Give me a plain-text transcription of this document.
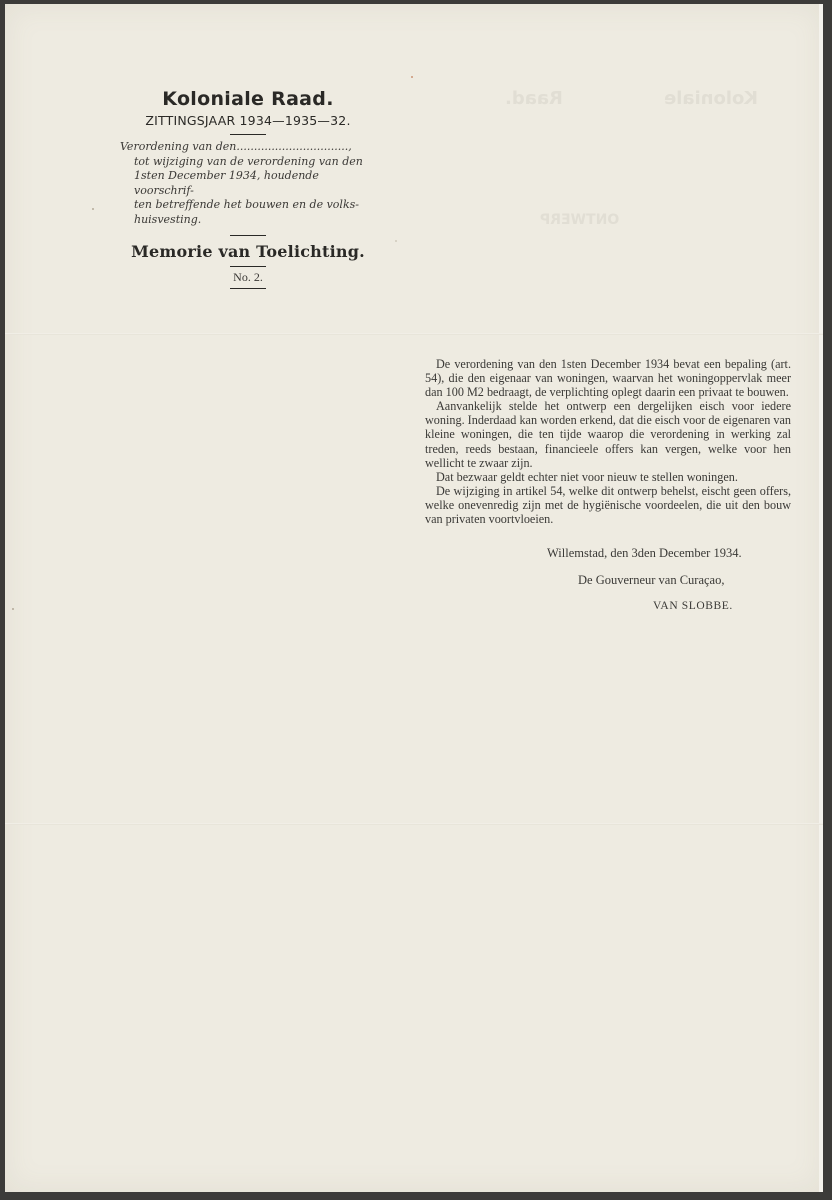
Raad.	Koloniale
ONTWERP
Koloniale Raad.
ZITTINGSJAAR 1934—1935—32.
Verordening van den................................,
tot wijziging van de verordening van den
1sten December 1934, houdende voorschrif-
ten betreffende het bouwen en de volks-
huisvesting.
Memorie van Toelichting.
No. 2.

De verordening van den 1sten December 1934 bevat een bepaling (art. 54), die den eigenaar van woningen, waarvan het woningoppervlak meer dan 100 M2 bedraagt, de verplichting oplegt daarin een privaat te bouwen.

Aanvankelijk stelde het ontwerp een dergelijken eisch voor iedere woning. Inderdaad kan worden erkend, dat die eisch voor de eigenaren van kleine woningen, die ten tijde waarop die verordening in werking zal treden, reeds bestaan, financieele offers kan vergen, welke voor hen wellicht te zwaar zijn.

Dat bezwaar geldt echter niet voor nieuw te stellen woningen.

De wijziging in artikel 54, welke dit ontwerp behelst, eischt geen offers, welke onevenredig zijn met de hygiënische voordeelen, die uit den bouw van privaten voortvloeien.

Willemstad, den 3den December 1934.
De Gouverneur van Curaçao,
VAN SLOBBE.
